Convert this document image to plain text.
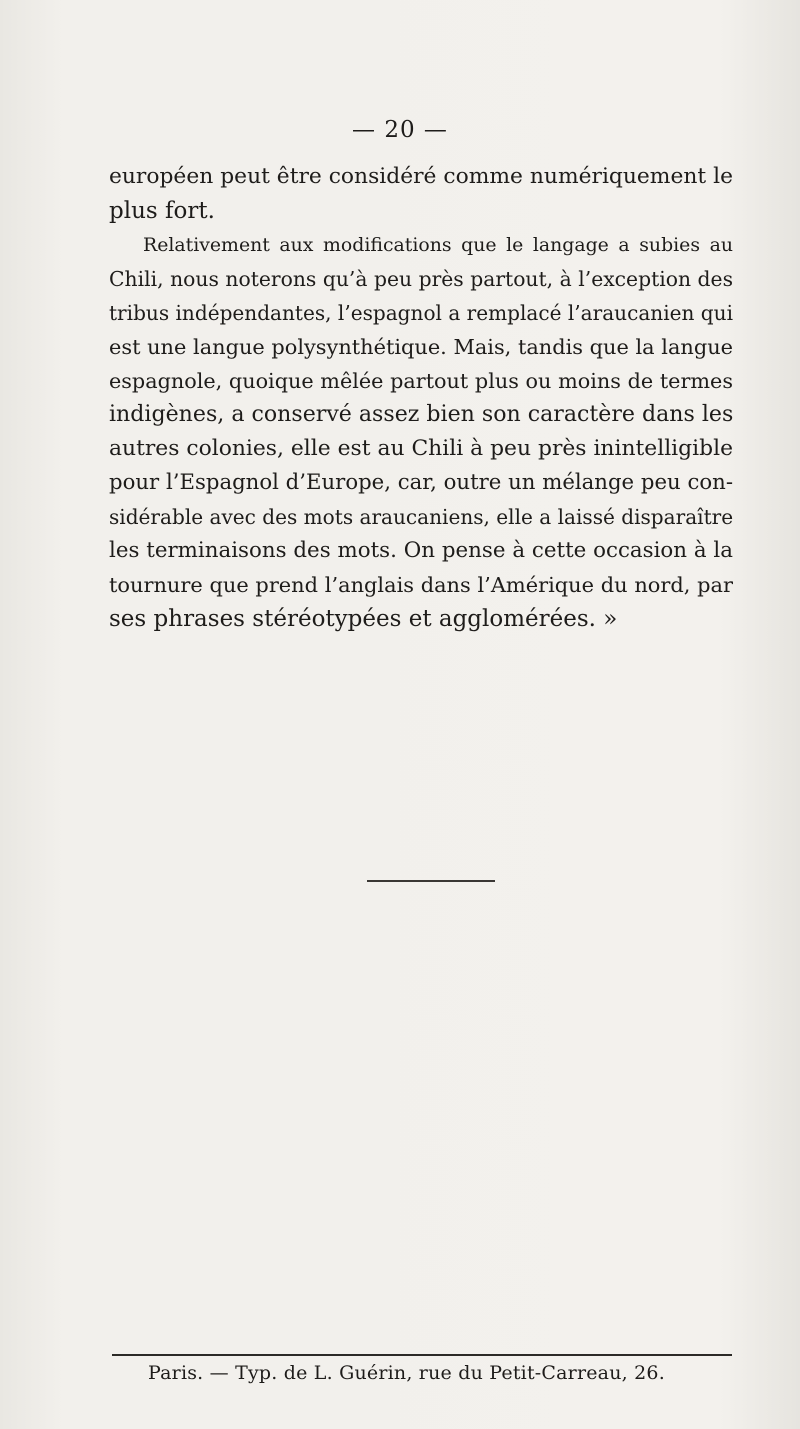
— 20 —
européen peut être considéré comme numériquement le
plus fort.
Relativement aux modifications que le langage a subies au
Chili, nous noterons qu’à peu près partout, à l’exception des
tribus indépendantes, l’espagnol a remplacé l’araucanien qui
est une langue polysynthétique. Mais, tandis que la langue
espagnole, quoique mêlée partout plus ou moins de termes
indigènes, a conservé assez bien son caractère dans les
autres colonies, elle est au Chili à peu près inintelligible
pour l’Espagnol d’Europe, car, outre un mélange peu con-
sidérable avec des mots araucaniens, elle a laissé disparaître
les terminaisons des mots. On pense à cette occasion à la
tournure que prend l’anglais dans l’Amérique du nord, par
ses phrases stéréotypées et agglomérées. »
Paris. — Typ. de L. Guérin, rue du Petit-Carreau, 26.
